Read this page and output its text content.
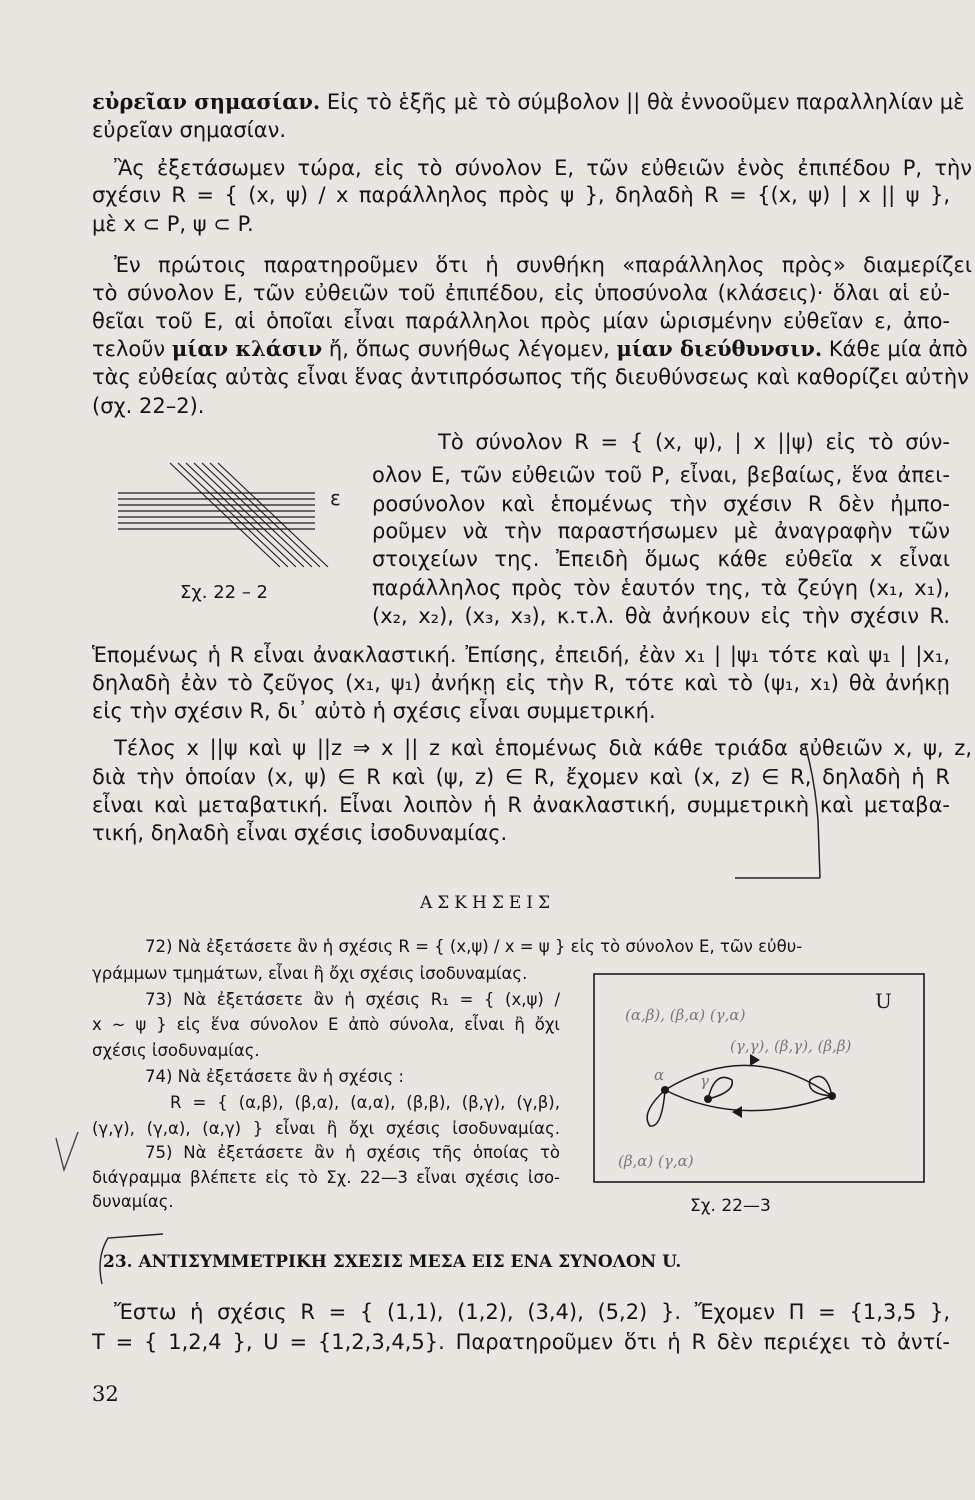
εὐρεῖαν σημασίαν. Εἰς τὸ ἑξῆς μὲ τὸ σύμβολον || θὰ ἐννοοῦμεν παραλληλίαν μὲ
εὐρεῖαν σημασίαν.
Ἂς ἐξετάσωμεν τώρα, εἰς τὸ σύνολον Ε, τῶν εὐθειῶν ἑνὸς ἐπιπέδου Ρ, τὴν
σχέσιν R = { (x, ψ) / x παράλληλος πρὸς ψ }, δηλαδὴ R = {(x, ψ) | x || ψ },
μὲ x ⊂ P, ψ ⊂ P.
Ἐν πρώτοις παρατηροῦμεν ὅτι ἡ συνθήκη «παράλληλος πρὸς» διαμερίζει
τὸ σύνολον Ε, τῶν εὐθειῶν τοῦ ἐπιπέδου, εἰς ὑποσύνολα (κλάσεις)· ὅλαι αἱ εὐ-
θεῖαι τοῦ Ε, αἱ ὁποῖαι εἶναι παράλληλοι πρὸς μίαν ὡρισμένην εὐθεῖαν ε, ἀπο-
τελοῦν μίαν κλάσιν ἤ, ὅπως συνήθως λέγομεν, μίαν διεύθυνσιν. Κάθε μία ἀπὸ
τὰς εὐθείας αὐτὰς εἶναι ἕνας ἀντιπρόσωπος τῆς διευθύνσεως καὶ καθορίζει αὐτὴν
(σχ. 22–2).
Τὸ σύνολον R = { (x, ψ), | x ||ψ) εἰς τὸ σύν-
ολον Ε, τῶν εὐθειῶν τοῦ Ρ, εἶναι, βεβαίως, ἕνα ἀπει-
ροσύνολον καὶ ἑπομένως τὴν σχέσιν R δὲν ἠμπο-
ροῦμεν νὰ τὴν παραστήσωμεν μὲ ἀναγραφὴν τῶν
στοιχείων της. Ἐπειδὴ ὅμως κάθε εὐθεῖα x εἶναι
παράλληλος πρὸς τὸν ἑαυτόν της, τὰ ζεύγη (x₁, x₁),
(x₂, x₂), (x₃, x₃), κ.τ.λ. θὰ ἀνήκουν εἰς τὴν σχέσιν R.
Ἑπομένως ἡ R εἶναι ἀνακλαστική. Ἐπίσης, ἐπειδή, ἐὰν x₁ | |ψ₁ τότε καὶ ψ₁ | |x₁,
δηλαδὴ ἐὰν τὸ ζεῦγος (x₁, ψ₁) ἀνήκῃ εἰς τὴν R, τότε καὶ τὸ (ψ₁, x₁) θὰ ἀνήκῃ
εἰς τὴν σχέσιν R, δι᾽ αὐτὸ ἡ σχέσις εἶναι συμμετρική.
Τέλος x ||ψ καὶ ψ ||z ⇒ x || z καὶ ἑπομένως διὰ κάθε τριάδα εὐθειῶν x, ψ, z,
διὰ τὴν ὁποίαν (x, ψ) ∈ R καὶ (ψ, z) ∈ R, ἔχομεν καὶ (x, z) ∈ R, δηλαδὴ ἡ R
εἶναι καὶ μεταβατική. Εἶναι λοιπὸν ἡ R ἀνακλαστική, συμμετρικὴ καὶ μεταβα-
τική, δηλαδὴ εἶναι σχέσις ἰσοδυναμίας.
Ἔστω ἡ σχέσις R = { (1,1), (1,2), (3,4), (5,2) }. Ἔχομεν Π = {1,3,5 },
Τ = { 1,2,4 }, U = {1,2,3,4,5}. Παρατηροῦμεν ὅτι ἡ R δὲν περιέχει τὸ ἀντί-
ε
Σχ. 22 – 2
ΑΣΚΗΣΕΙΣ
72) Νὰ ἐξετάσετε ἂν ἡ σχέσις R = { (x,ψ) / x = ψ } εἰς τὸ σύνολον Ε, τῶν εὐθυ-
γράμμων τμημάτων, εἶναι ἢ ὄχι σχέσις ἰσοδυναμίας.
73) Νὰ ἐξετάσετε ἂν ἡ σχέσις R₁ = { (x,ψ) /
x ∼ ψ } εἰς ἕνα σύνολον Ε ἀπὸ σύνολα, εἶναι ἢ ὄχι
σχέσις ἰσοδυναμίας.
74) Νὰ ἐξετάσετε ἂν ἡ σχέσις :
R = { (α,β), (β,α), (α,α), (β,β), (β,γ), (γ,β),
(γ,γ), (γ,α), (α,γ) } εἶναι ἢ ὄχι σχέσις ἰσοδυναμίας.
75) Νὰ ἐξετάσετε ἂν ἡ σχέσις τῆς ὁποίας τὸ
διάγραμμα βλέπετε εἰς τὸ Σχ. 22—3 εἶναι σχέσις ἰσο-
δυναμίας.
U
(α,β), (β,α) (γ,α)
(γ,γ), (β,γ), (β,β)
(β,α) (γ,α)
α γ
Σχ. 22—3
23. ΑΝΤΙΣΥΜΜΕΤΡΙΚΗ ΣΧΕΣΙΣ ΜΕΣΑ ΕΙΣ ΕΝΑ ΣΥΝΟΛΟΝ U.
32
